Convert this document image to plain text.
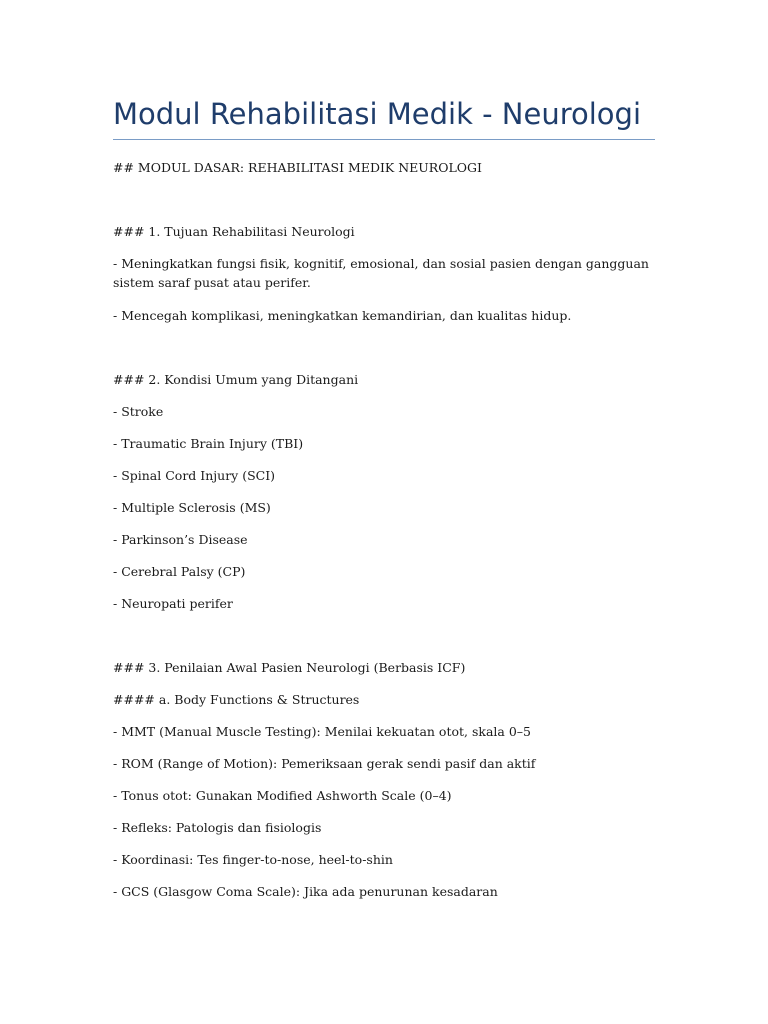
Modul Rehabilitasi Medik - Neurologi

## MODUL DASAR: REHABILITASI MEDIK NEUROLOGI

### 1. Tujuan Rehabilitasi Neurologi

- Meningkatkan fungsi fisik, kognitif, emosional, dan sosial pasien dengan gangguan sistem saraf pusat atau perifer.

- Mencegah komplikasi, meningkatkan kemandirian, dan kualitas hidup.

### 2. Kondisi Umum yang Ditangani

- Stroke

- Traumatic Brain Injury (TBI)

- Spinal Cord Injury (SCI)

- Multiple Sclerosis (MS)

- Parkinson’s Disease

- Cerebral Palsy (CP)

- Neuropati perifer

### 3. Penilaian Awal Pasien Neurologi (Berbasis ICF)

#### a. Body Functions & Structures

- MMT (Manual Muscle Testing): Menilai kekuatan otot, skala 0–5

- ROM (Range of Motion): Pemeriksaan gerak sendi pasif dan aktif

- Tonus otot: Gunakan Modified Ashworth Scale (0–4)

- Refleks: Patologis dan fisiologis

- Koordinasi: Tes finger-to-nose, heel-to-shin

- GCS (Glasgow Coma Scale): Jika ada penurunan kesadaran
